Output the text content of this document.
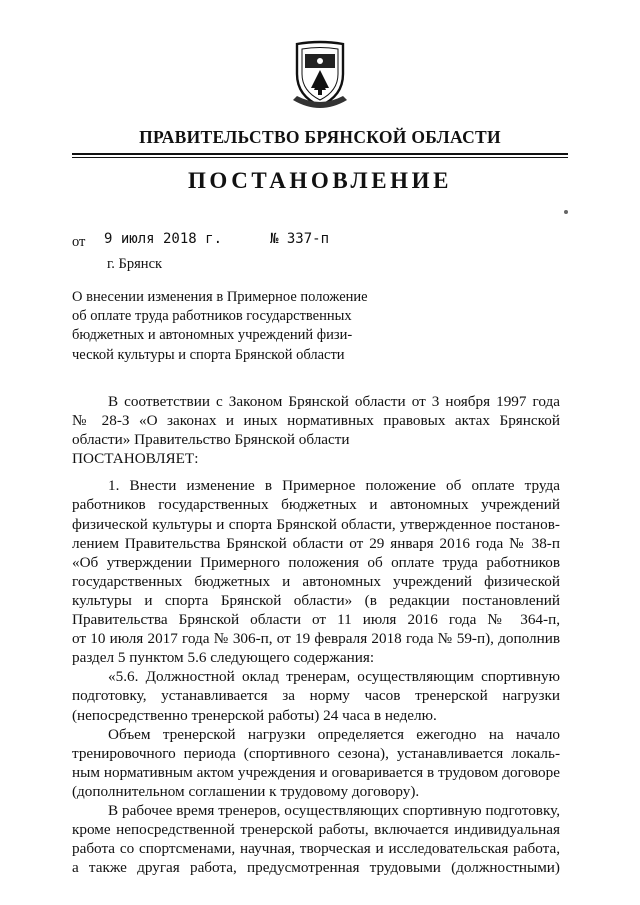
ПРАВИТЕЛЬСТВО БРЯНСКОЙ ОБЛАСТИ
ПОСТАНОВЛЕНИЕ
от 9 июля 2018 г.	№ 337-п
г. Брянск
О внесении изменения в Примерное положение
об оплате труда работников государственных
бюджетных и автономных учреждений физи-
ческой культуры и спорта Брянской области
В соответствии с Законом Брянской области от 3 ноября 1997 года
№ 28-З «О законах и иных нормативных правовых актах Брянской
области» Правительство Брянской области
ПОСТАНОВЛЯЕТ:
1. Внести изменение в Примерное положение об оплате труда
работников государственных бюджетных и автономных учреждений
физической культуры и спорта Брянской области, утвержденное постанов-
лением Правительства Брянской области от 29 января 2016 года № 38-п
«Об утверждении Примерного положения об оплате труда работников
государственных бюджетных и автономных учреждений физической
культуры и спорта Брянской области» (в редакции постановлений
Правительства Брянской области от 11 июля 2016 года № 364-п,
от 10 июля 2017 года № 306-п, от 19 февраля 2018 года № 59-п), дополнив
раздел 5 пунктом 5.6 следующего содержания:
«5.6. Должностной оклад тренерам, осуществляющим спортивную
подготовку, устанавливается за норму часов тренерской нагрузки
(непосредственно тренерской работы) 24 часа в неделю.
Объем тренерской нагрузки определяется ежегодно на начало
тренировочного периода (спортивного сезона), устанавливается локаль-
ным нормативным актом учреждения и оговаривается в трудовом договоре
(дополнительном соглашении к трудовому договору).
В рабочее время тренеров, осуществляющих спортивную подготовку,
кроме непосредственной тренерской работы, включается индивидуальная
работа со спортсменами, научная, творческая и исследовательская работа,
а также другая работа, предусмотренная трудовыми (должностными)
